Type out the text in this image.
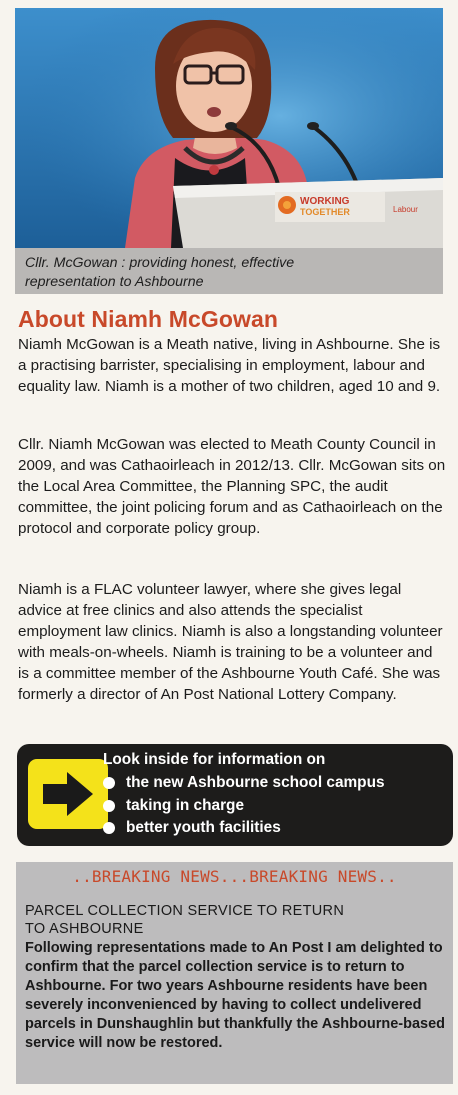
WORKING
TOGETHER	Labour
Cllr. McGowan : providing honest, effective
representation to Ashbourne
About Niamh McGowan

Niamh McGowan is a Meath native, living in Ashbourne. She is a practising barrister, specialising in employment, labour and equality law. Niamh is a mother of two children, aged 10 and 9.

Cllr. Niamh McGowan was elected to Meath County Council in 2009, and was Cathaoirleach in 2012/13. Cllr. McGowan sits on the Local Area Committee, the Planning SPC, the audit committee, the joint policing forum and as Cathaoirleach on the protocol and corporate policy group.

Niamh is a FLAC volunteer lawyer, where she gives legal advice at free clinics and also attends the specialist employment law clinics. Niamh is also a longstanding volunteer with meals-on-wheels. Niamh is training to be a volunteer and is a committee member of the Ashbourne Youth Café. She was formerly a director of An Post National Lottery Company.

Look inside for information on

the new Ashbourne school campus
taking in charge
better youth facilities

..BREAKING NEWS...BREAKING NEWS..

PARCEL COLLECTION SERVICE TO RETURN
TO ASHBOURNE

Following representations made to An Post I am delighted to confirm that the parcel collection service is to return to Ashbourne. For two years Ashbourne residents have been severely inconvenienced by having to collect undelivered parcels in Dunshaughlin but thankfully the Ashbourne-based service will now be restored.
